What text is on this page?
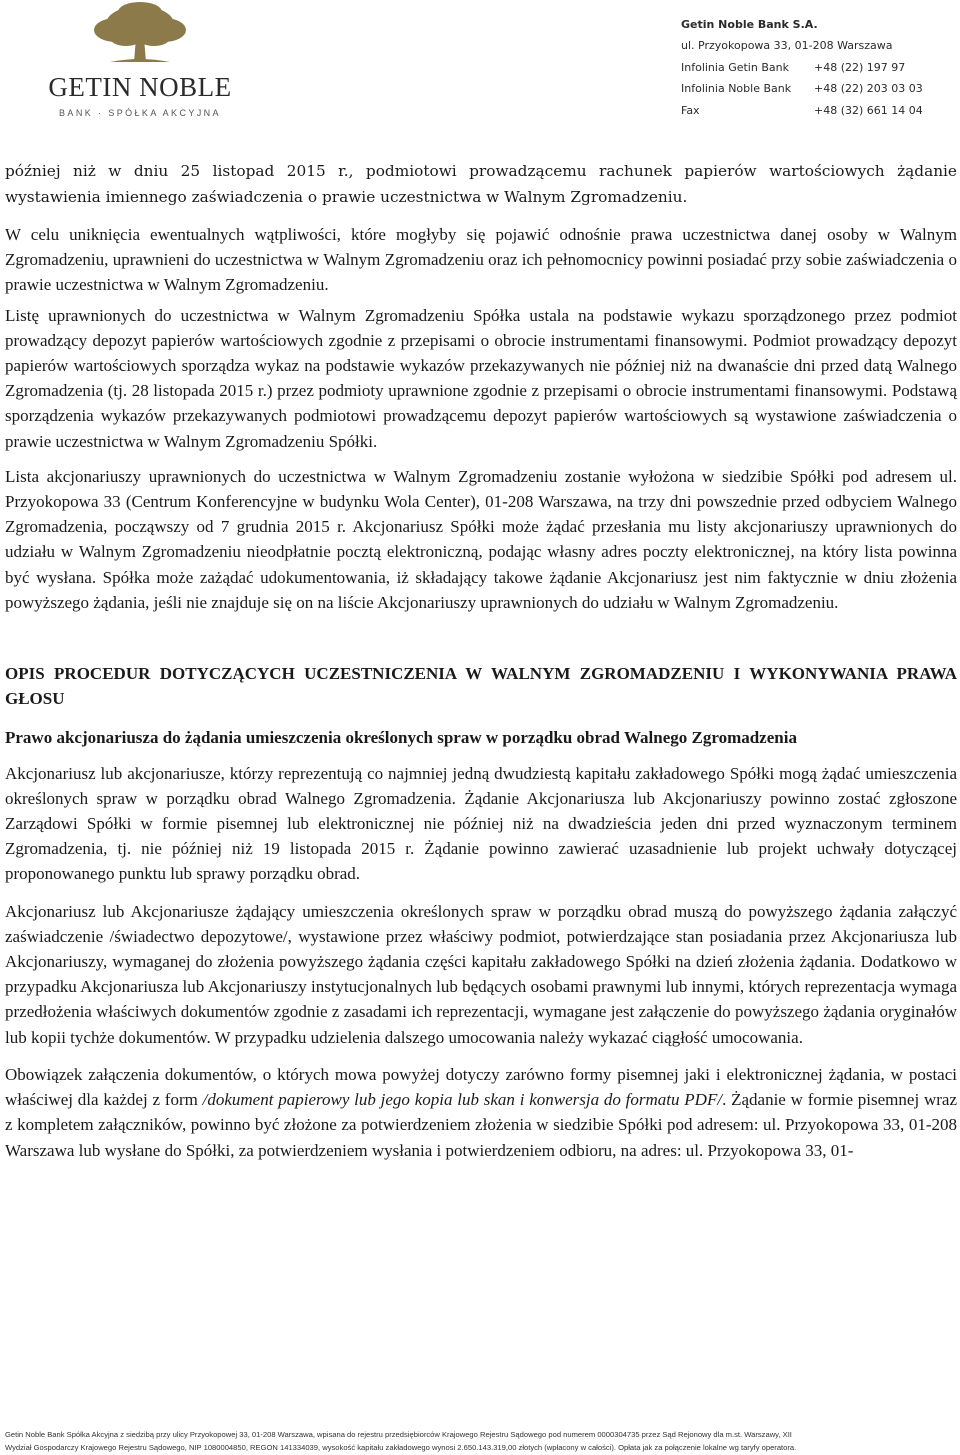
GETIN NOBLE
BANK · SPÓŁKA AKCYJNA
Getin Noble Bank S.A.
ul. Przyokopowa 33, 01-208 Warszawa
Infolinia Getin Bank	+48 (22) 197 97
Infolinia Noble Bank	+48 (22) 203 03 03
Fax	+48 (32) 661 14 04

później niż w dniu 25 listopad 2015 r., podmiotowi prowadzącemu rachunek papierów wartościowych żądanie wystawienia imiennego zaświadczenia o prawie uczestnictwa w Walnym Zgromadzeniu.

W celu uniknięcia ewentualnych wątpliwości, które mogłyby się pojawić odnośnie prawa uczestnictwa danej osoby w Walnym Zgromadzeniu, uprawnieni do uczestnictwa w Walnym Zgromadzeniu oraz ich pełnomocnicy powinni posiadać przy sobie zaświadczenia o prawie uczestnictwa w Walnym Zgromadzeniu.

Listę uprawnionych do uczestnictwa w Walnym Zgromadzeniu Spółka ustala na podstawie wykazu sporządzonego przez podmiot prowadzący depozyt papierów wartościowych zgodnie z przepisami o obrocie instrumentami finansowymi. Podmiot prowadzący depozyt papierów wartościowych sporządza wykaz na podstawie wykazów przekazywanych nie później niż na dwanaście dni przed datą Walnego Zgromadzenia (tj. 28 listopada 2015 r.) przez podmioty uprawnione zgodnie z przepisami o obrocie instrumentami finansowymi. Podstawą sporządzenia wykazów przekazywanych podmiotowi prowadzącemu depozyt papierów wartościowych są wystawione zaświadczenia o prawie uczestnictwa w Walnym Zgromadzeniu Spółki.

Lista akcjonariuszy uprawnionych do uczestnictwa w Walnym Zgromadzeniu zostanie wyłożona w siedzibie Spółki pod adresem ul. Przyokopowa 33 (Centrum Konferencyjne w budynku Wola Center), 01-208 Warszawa, na trzy dni powszednie przed odbyciem Walnego Zgromadzenia, począwszy od 7 grudnia 2015 r. Akcjonariusz Spółki może żądać przesłania mu listy akcjonariuszy uprawnionych do udziału w Walnym Zgromadzeniu nieodpłatnie pocztą elektroniczną, podając własny adres poczty elektronicznej, na który lista powinna być wysłana. Spółka może zażądać udokumentowania, iż składający takowe żądanie Akcjonariusz jest nim faktycznie w dniu złożenia powyższego żądania, jeśli nie znajduje się on na liście Akcjonariuszy uprawnionych do udziału w Walnym Zgromadzeniu.

OPIS PROCEDUR DOTYCZĄCYCH UCZESTNICZENIA W WALNYM ZGROMADZENIU I WYKONYWANIA PRAWA GŁOSU

Prawo akcjonariusza do żądania umieszczenia określonych spraw w porządku obrad Walnego Zgromadzenia

Akcjonariusz lub akcjonariusze, którzy reprezentują co najmniej jedną dwudziestą kapitału zakładowego Spółki mogą żądać umieszczenia określonych spraw w porządku obrad Walnego Zgromadzenia. Żądanie Akcjonariusza lub Akcjonariuszy powinno zostać zgłoszone Zarządowi Spółki w formie pisemnej lub elektronicznej nie później niż na dwadzieścia jeden dni przed wyznaczonym terminem Zgromadzenia, tj. nie później niż 19 listopada 2015 r. Żądanie powinno zawierać uzasadnienie lub projekt uchwały dotyczącej proponowanego punktu lub sprawy porządku obrad.

Akcjonariusz lub Akcjonariusze żądający umieszczenia określonych spraw w porządku obrad muszą do powyższego żądania załączyć zaświadczenie /świadectwo depozytowe/, wystawione przez właściwy podmiot, potwierdzające stan posiadania przez Akcjonariusza lub Akcjonariuszy, wymaganej do złożenia powyższego żądania części kapitału zakładowego Spółki na dzień złożenia żądania. Dodatkowo w przypadku Akcjonariusza lub Akcjonariuszy instytucjonalnych lub będących osobami prawnymi lub innymi, których reprezentacja wymaga przedłożenia właściwych dokumentów zgodnie z zasadami ich reprezentacji, wymagane jest załączenie do powyższego żądania oryginałów lub kopii tychże dokumentów. W przypadku udzielenia dalszego umocowania należy wykazać ciągłość umocowania.

Obowiązek załączenia dokumentów, o których mowa powyżej dotyczy zarówno formy pisemnej jaki i elektronicznej żądania, w postaci właściwej dla każdej z form /dokument papierowy lub jego kopia lub skan i konwersja do formatu PDF/. Żądanie w formie pisemnej wraz z kompletem załączników, powinno być złożone za potwierdzeniem złożenia w siedzibie Spółki pod adresem: ul. Przyokopowa 33, 01-208 Warszawa lub wysłane do Spółki, za potwierdzeniem wysłania i potwierdzeniem odbioru, na adres: ul. Przyokopowa 33, 01-

Getin Noble Bank Spółka Akcyjna z siedzibą przy ulicy Przyokopowej 33, 01-208 Warszawa, wpisana do rejestru przedsiębiorców Krajowego Rejestru Sądowego pod numerem 0000304735 przez Sąd Rejonowy dla m.st. Warszawy, XII
Wydział Gospodarczy Krajowego Rejestru Sądowego, NIP 1080004850, REGON 141334039, wysokość kapitału zakładowego wynosi 2.650.143.319,00 złotych (wpłacony w całości). Opłata jak za połączenie lokalne wg taryfy operatora.
